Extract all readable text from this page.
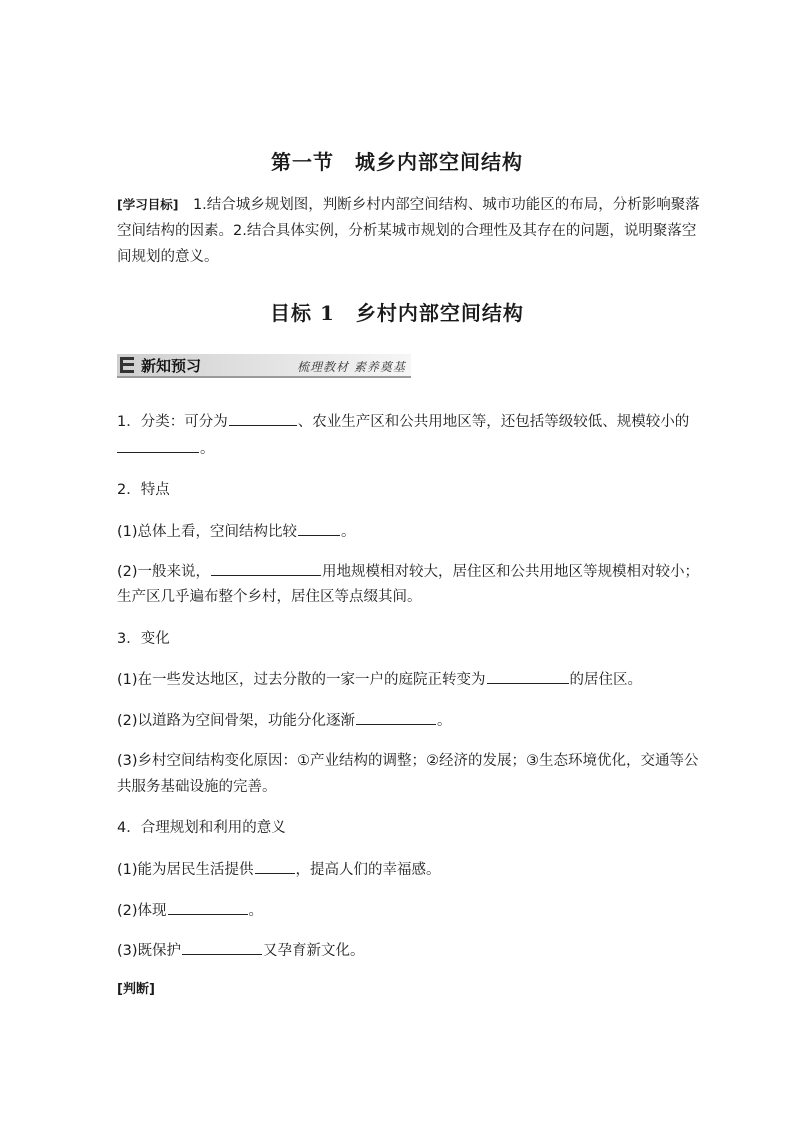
第一节　城乡内部空间结构
[学习目标]　 1.结合城乡规划图，判断乡村内部空间结构、城市功能区的布局，分析影响聚落
空间结构的因素。2.结合具体实例，分析某城市规划的合理性及其存在的问题，说明聚落空
间规划的意义。
目标 1　乡村内部空间结构
新知预习	梳理教材 素养奠基
1．分类：可分为	、农业生产区和公共用地区等，还包括等级较低、规模较小的
。
2．特点
(1)总体上看，空间结构比较	。
(2)一般来说，	用地规模相对较大，居住区和公共用地区等规模相对较小；
生产区几乎遍布整个乡村，居住区等点缀其间。
3．变化
(1)在一些发达地区，过去分散的一家一户的庭院正转变为	的居住区。
(2)以道路为空间骨架，功能分化逐渐	。
(3)乡村空间结构变化原因：①产业结构的调整；②经济的发展；③生态环境优化，交通等公
共服务基础设施的完善。
4．合理规划和利用的意义
(1)能为居民生活提供	，提高人们的幸福感。
(2)体现	。
(3)既保护	又孕育新文化。
[判断]
